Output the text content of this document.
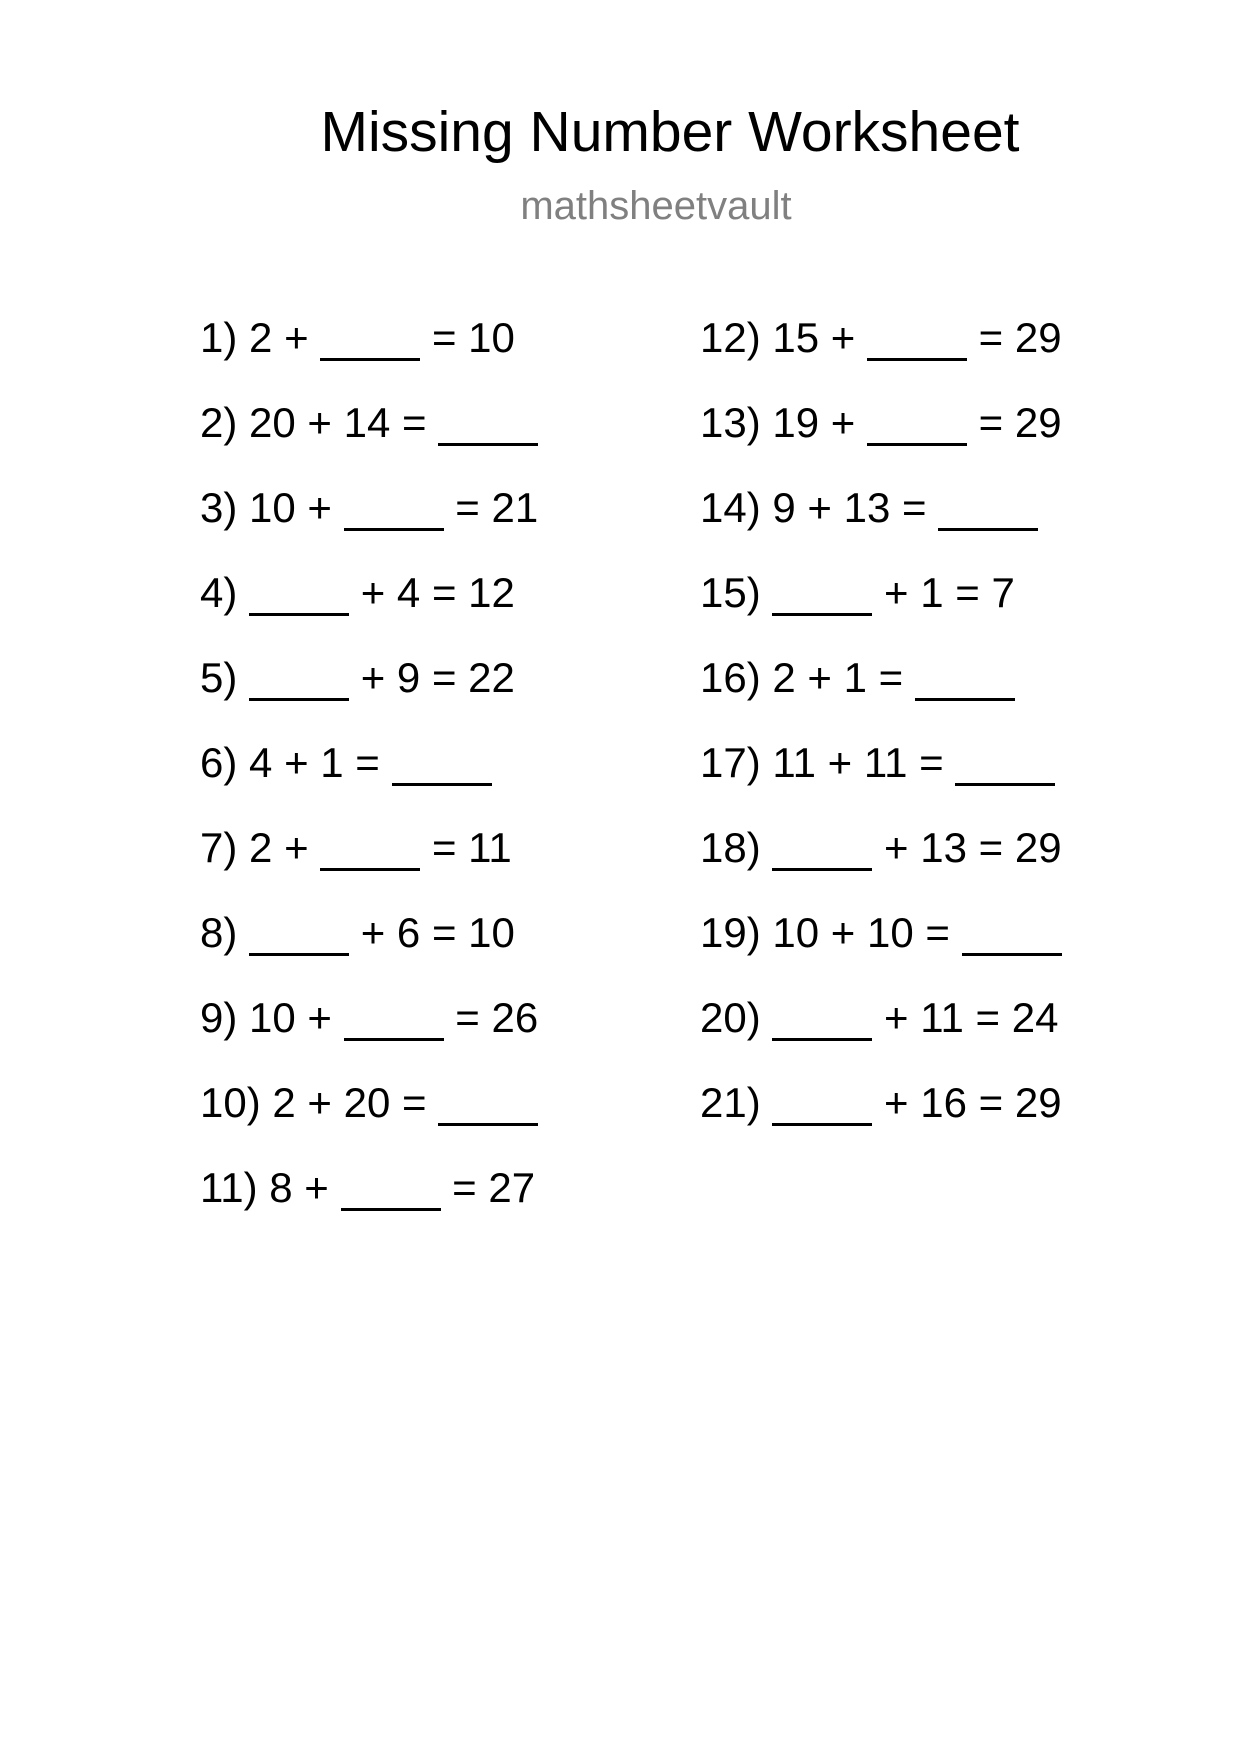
Missing Number Worksheet
mathsheetvault
1) 2 +	= 10
2) 20 + 14 =
3) 10 +	= 21
4)	+ 4 = 12
5)	+ 9 = 22
6) 4 + 1 =
7) 2 +	= 11
8)	+ 6 = 10
9) 10 +	= 26
10) 2 + 20 =
11) 8 +	= 27
12) 15 +	= 29
13) 19 +	= 29
14) 9 + 13 =
15)	+ 1 = 7
16) 2 + 1 =
17) 11 + 11 =
18)	+ 13 = 29
19) 10 + 10 =
20)	+ 11 = 24
21)	+ 16 = 29
